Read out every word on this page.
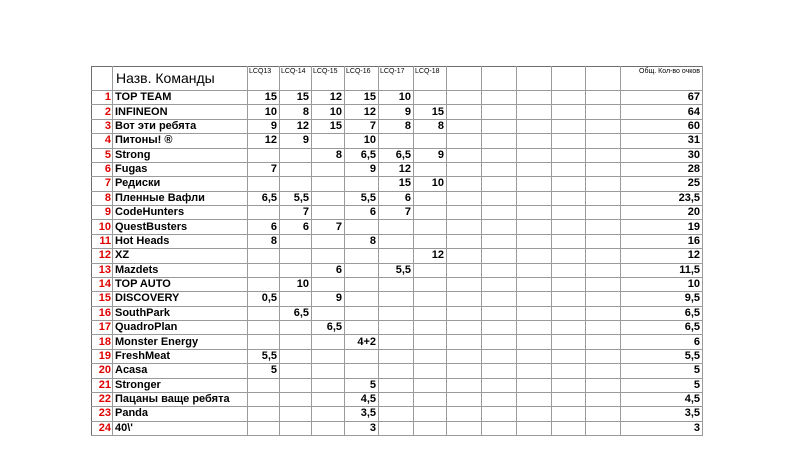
	Назв. Команды	LCQ13	LCQ-14	LCQ-15	LCQ-16	LCQ-17	LCQ-18						Общ. Кол-во очков
1	TOP TEAM	15	15	12	15	10							67
2	INFINEON	10	8	10	12	9	15						64
3	Вот эти ребята	9	12	15	7	8	8						60
4	Питоны! ®	12	9		10								31
5	Strong			8	6,5	6,5	9						30
6	Fugas	7			9	12							28
7	Редиски					15	10						25
8	Пленные Вафли	6,5	5,5		5,5	6							23,5
9	CodeHunters		7		6	7							20
10	QuestBusters	6	6	7									19
11	Hot Heads	8			8								16
12	XZ						12						12
13	Mazdets			6		5,5							11,5
14	TOP AUTO		10										10
15	DISCOVERY	0,5		9									9,5
16	SouthPark		6,5										6,5
17	QuadroPlan			6,5									6,5
18	Monster Energy				4+2								6
19	FreshMeat	5,5											5,5
20	Acasa	5											5
21	Stronger				5								5
22	Пацаны ваще ребята				4,5								4,5
23	Panda				3,5								3,5
24	40\'				3								3
